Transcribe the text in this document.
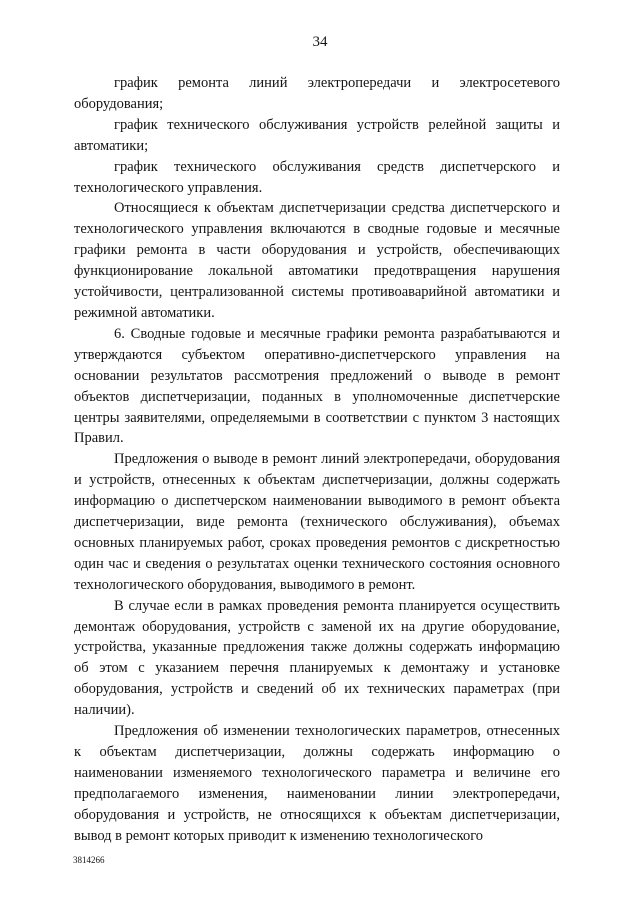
34

график ремонта линий электропередачи и электросетевого оборудования;

график технического обслуживания устройств релейной защиты и автоматики;

график технического обслуживания средств диспетчерского и технологического управления.

Относящиеся к объектам диспетчеризации средства диспетчерского и технологического управления включаются в сводные годовые и месячные графики ремонта в части оборудования и устройств, обеспечивающих функционирование локальной автоматики предотвращения нарушения устойчивости, централизованной системы противоаварийной автоматики и режимной автоматики.

6. Сводные годовые и месячные графики ремонта разрабатываются и утверждаются субъектом оперативно-диспетчерского управления на основании результатов рассмотрения предложений о выводе в ремонт объектов диспетчеризации, поданных в уполномоченные диспетчерские центры заявителями, определяемыми в соответствии с пунктом 3 настоящих Правил.

Предложения о выводе в ремонт линий электропередачи, оборудования и устройств, отнесенных к объектам диспетчеризации, должны содержать информацию о диспетчерском наименовании выводимого в ремонт объекта диспетчеризации, виде ремонта (технического обслуживания), объемах основных планируемых работ, сроках проведения ремонтов с дискретностью один час и сведения о результатах оценки технического состояния основного технологического оборудования, выводимого в ремонт.

В случае если в рамках проведения ремонта планируется осуществить демонтаж оборудования, устройств с заменой их на другие оборудование, устройства, указанные предложения также должны содержать информацию об этом с указанием перечня планируемых к демонтажу и установке оборудования, устройств и сведений об их технических параметрах (при наличии).

Предложения об изменении технологических параметров, отнесенных к объектам диспетчеризации, должны содержать информацию о наименовании изменяемого технологического параметра и величине его предполагаемого изменения, наименовании линии электропередачи, оборудования и устройств, не относящихся к объектам диспетчеризации, вывод в ремонт которых приводит к изменению технологического

3814266
